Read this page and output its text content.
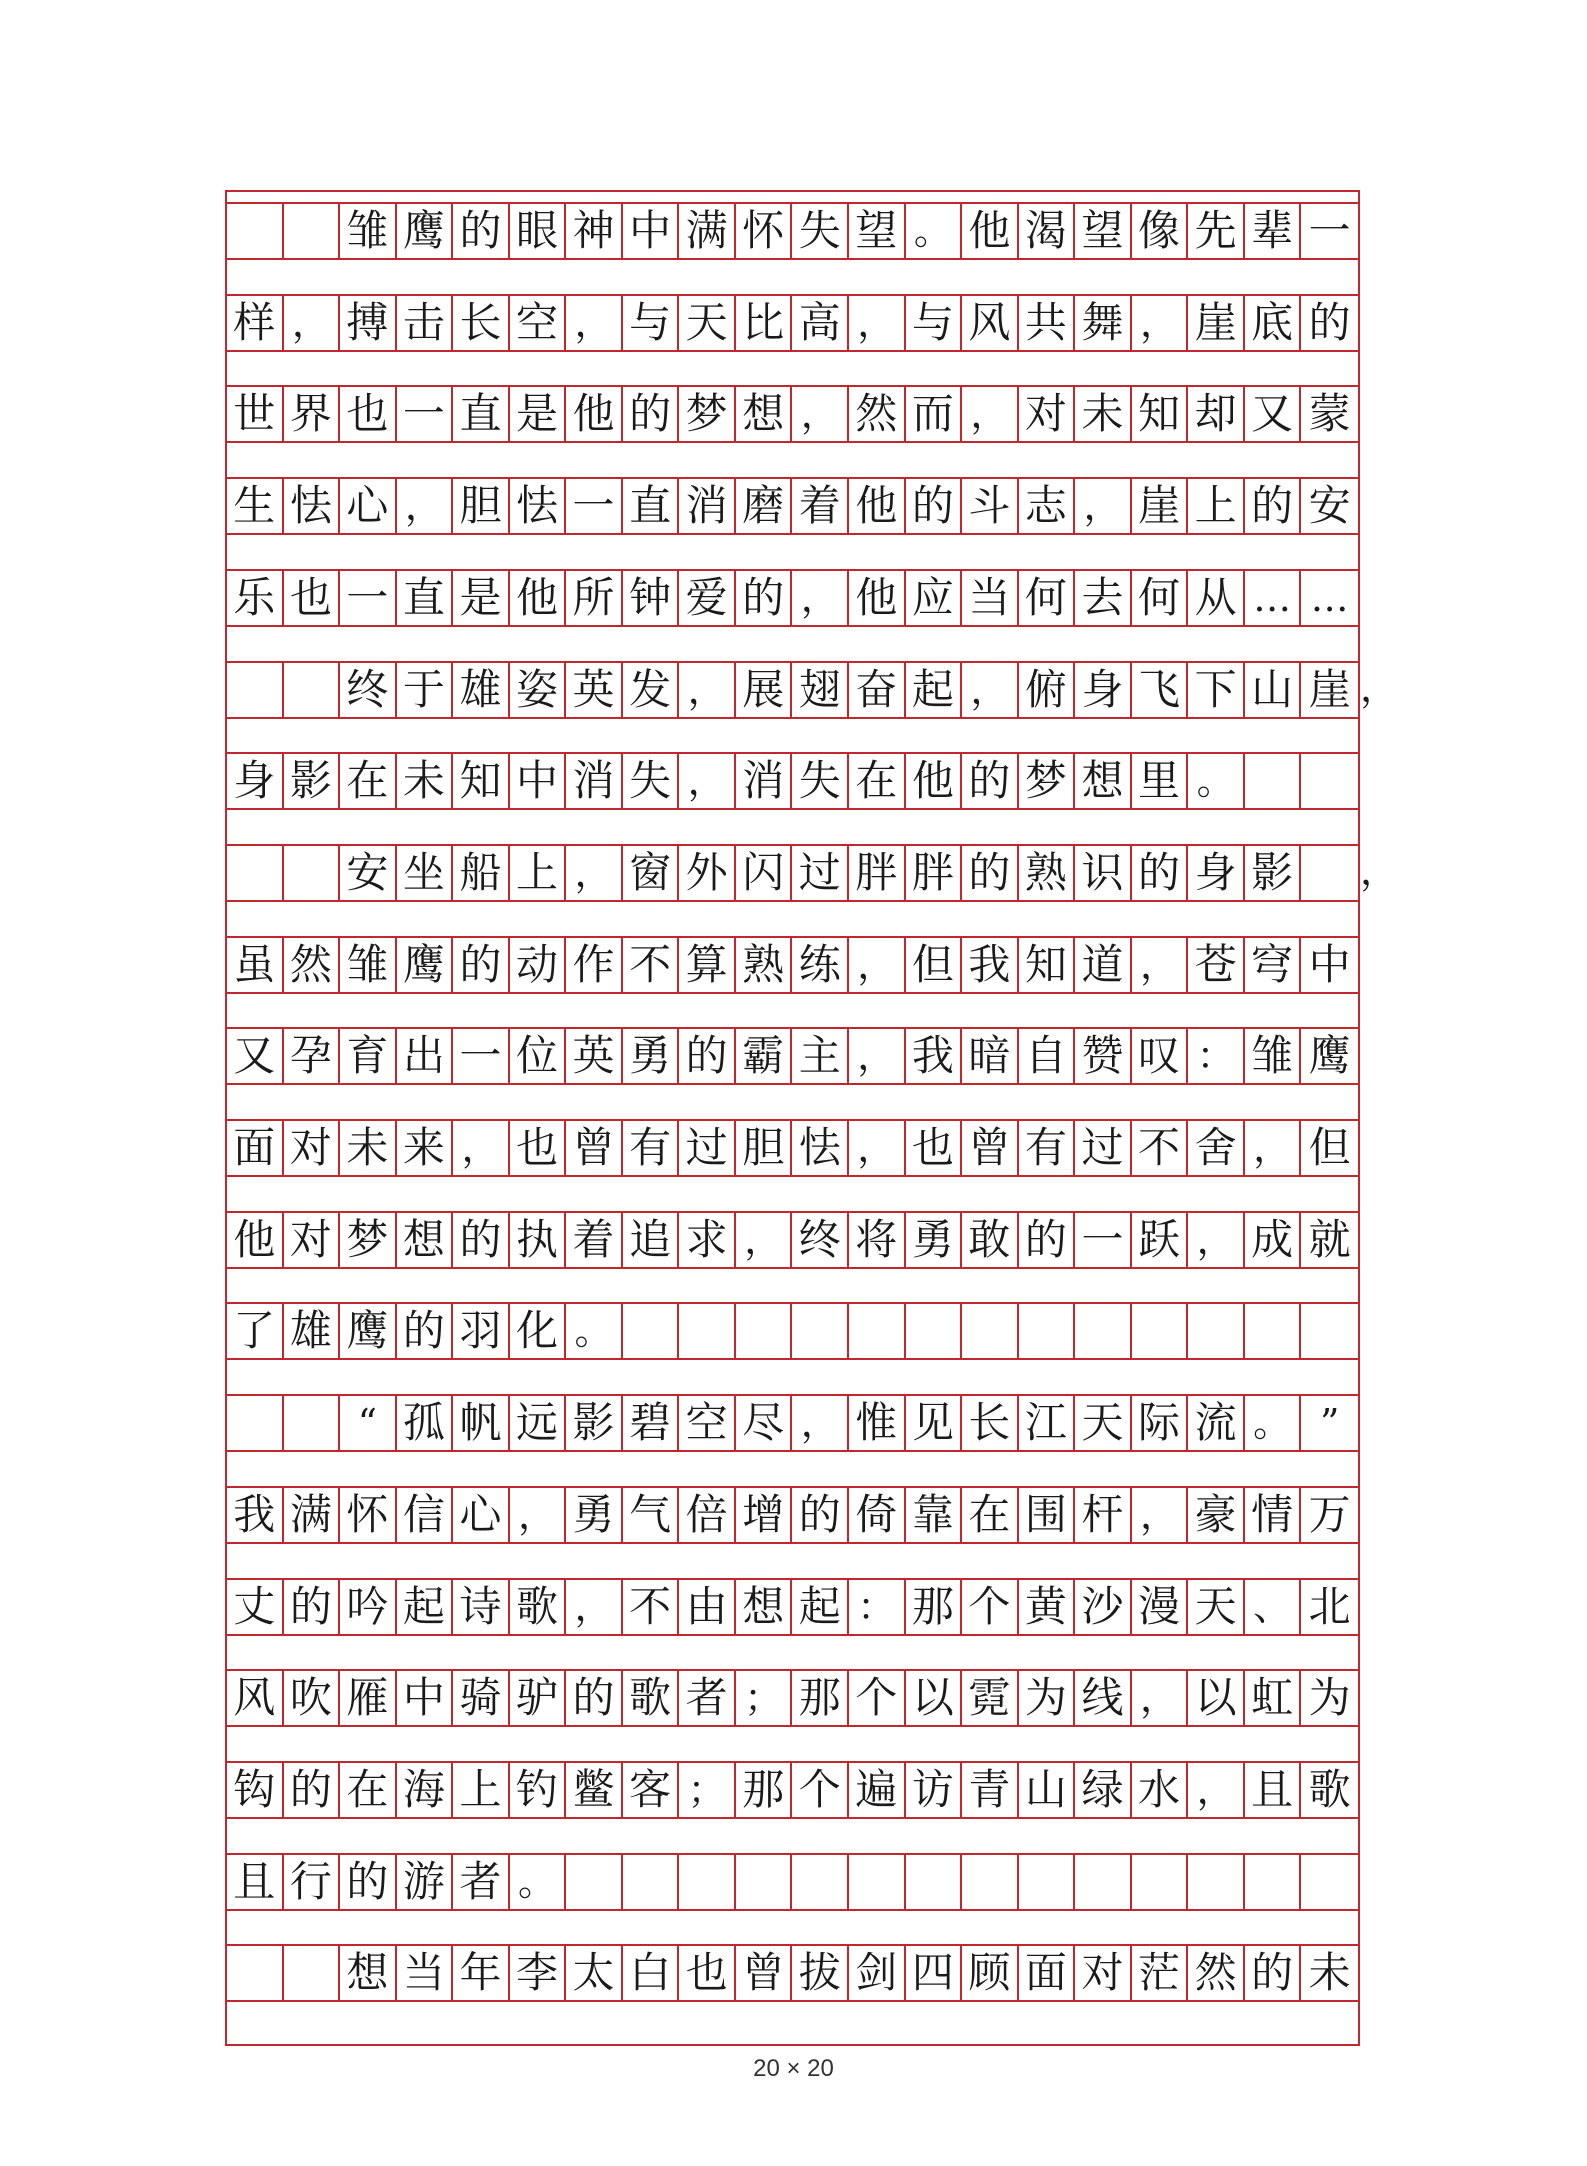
雏 鹰 的 眼 神 中 满 怀 失 望 。 他 渴 望 像 先 辈 一
样 ， 搏 击 长 空 ， 与 天 比 高 ， 与 风 共 舞 ， 崖 底 的
世 界 也 一 直 是 他 的 梦 想 ， 然 而 ， 对 未 知 却 又 蒙
生 怯 心 ， 胆 怯 一 直 消 磨 着 他 的 斗 志 ， 崖 上 的 安
乐 也 一 直 是 他 所 钟 爱 的 ， 他 应 当 何 去 何 从 … …
终 于 雄 姿 英 发 ， 展 翅 奋 起 ， 俯 身 飞 下 山 崖
身 影 在 未 知 中 消 失 ， 消 失 在 他 的 梦 想 里 。
安 坐 船 上 ， 窗 外 闪 过 胖 胖 的 熟 识 的 身 影
虽 然 雏 鹰 的 动 作 不 算 熟 练 ， 但 我 知 道 ， 苍 穹 中
又 孕 育 出 一 位 英 勇 的 霸 主 ， 我 暗 自 赞 叹 ： 雏 鹰
面 对 未 来 ， 也 曾 有 过 胆 怯 ， 也 曾 有 过 不 舍 ， 但
他 对 梦 想 的 执 着 追 求 ， 终 将 勇 敢 的 一 跃 ， 成 就
了 雄 鹰 的 羽 化 。
“ 孤 帆 远 影 碧 空 尽 ， 惟 见 长 江 天 际 流 。 ”
我 满 怀 信 心 ， 勇 气 倍 增 的 倚 靠 在 围 杆 ， 豪 情 万
丈 的 吟 起 诗 歌 ， 不 由 想 起 ： 那 个 黄 沙 漫 天 、 北
风 吹 雁 中 骑 驴 的 歌 者 ； 那 个 以 霓 为 线 ， 以 虹 为
钩 的 在 海 上 钓 鳖 客 ； 那 个 遍 访 青 山 绿 水 ， 且 歌
且 行 的 游 者 。
想 当 年 李 太 白 也 曾 拔 剑 四 顾 面 对 茫 然 的 未
，
，
20 × 20
